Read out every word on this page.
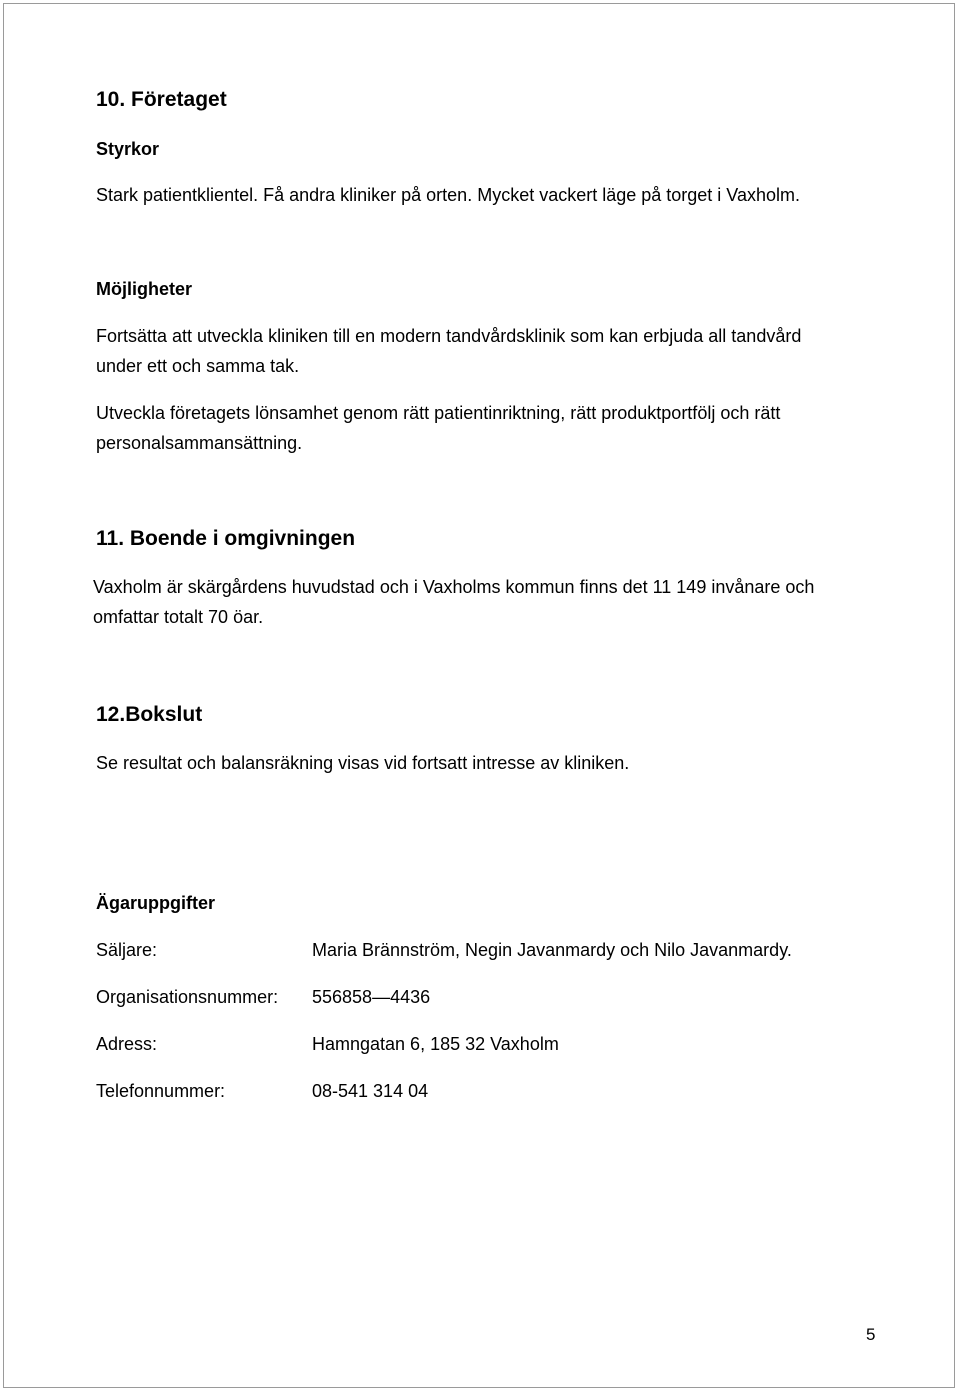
10. Företaget

Styrkor

Stark patientklientel. Få andra kliniker på orten. Mycket vackert läge på torget i Vaxholm.

Möjligheter

Fortsätta att utveckla kliniken till en modern tandvårdsklinik som kan erbjuda all tandvård

under ett och samma tak.

Utveckla företagets lönsamhet genom rätt patientinriktning, rätt produktportfölj och rätt

personalsammansättning.

11. Boende i omgivningen

Vaxholm är skärgårdens huvudstad och i Vaxholms kommun finns det 11 149 invånare och

omfattar totalt 70 öar.

12.Bokslut

Se resultat och balansräkning visas vid fortsatt intresse av kliniken.

Ägaruppgifter

Säljare:	Maria Brännström, Negin Javanmardy och Nilo Javanmardy.

Organisationsnummer: 556858—4436

Adress:	Hamngatan 6, 185 32 Vaxholm

Telefonnummer:	08-541 314 04

5
